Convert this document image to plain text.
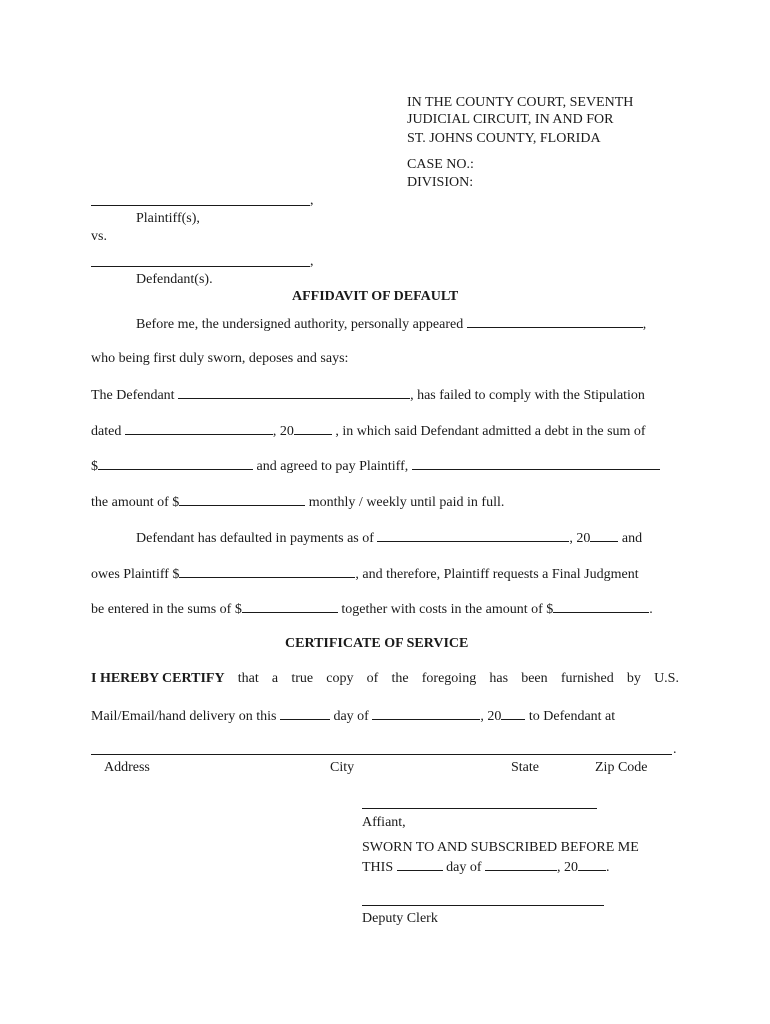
IN THE COUNTY COURT, SEVENTH
JUDICIAL CIRCUIT, IN AND FOR
ST. JOHNS COUNTY, FLORIDA
CASE NO.:
DIVISION:
,
Plaintiff(s),
vs.
,
Defendant(s).
AFFIDAVIT OF DEFAULT
Before me, the undersigned authority, personally appeared	,
who being first duly sworn, deposes and says:
The Defendant	, has failed to comply with the Stipulation
dated	, 20	, in which said Defendant admitted a debt in the sum of
$	and agreed to pay Plaintiff,
the amount of $	monthly / weekly until paid in full.
Defendant has defaulted in payments as of	, 20 and
owes Plaintiff $	, and therefore, Plaintiff requests a Final Judgment
be entered in the sums of $	together with costs in the amount of $	.
CERTIFICATE OF SERVICE
I HEREBY CERTIFY that a true copy of the foregoing has been furnished by U.S.
Mail/Email/hand delivery on this	day of	, 20 to Defendant at
.
Address	City	State	Zip Code
Affiant,
SWORN TO AND SUBSCRIBED BEFORE ME
THIS	day of	, 20 .
Deputy Clerk
